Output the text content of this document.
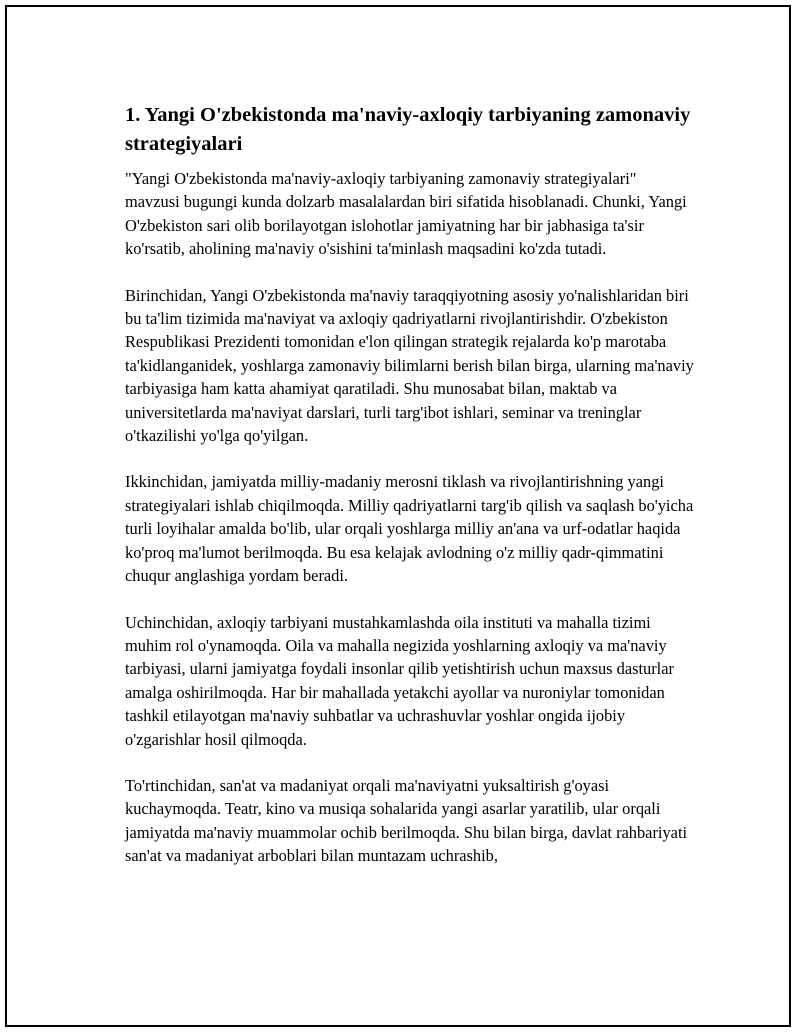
1. Yangi O'zbekistonda ma'naviy-axloqiy tarbiyaning zamonaviy strategiyalari

"Yangi O'zbekistonda ma'naviy-axloqiy tarbiyaning zamonaviy strategiyalari" mavzusi bugungi kunda dolzarb masalalardan biri sifatida hisoblanadi. Chunki, Yangi O'zbekiston sari olib borilayotgan islohotlar jamiyatning har bir jabhasiga ta'sir ko'rsatib, aholining ma'naviy o'sishini ta'minlash maqsadini ko'zda tutadi.

Birinchidan, Yangi O'zbekistonda ma'naviy taraqqiyotning asosiy yo'nalishlaridan biri bu ta'lim tizimida ma'naviyat va axloqiy qadriyatlarni rivojlantirishdir. O'zbekiston Respublikasi Prezidenti tomonidan e'lon qilingan strategik rejalarda ko'p marotaba ta'kidlanganidek, yoshlarga zamonaviy bilimlarni berish bilan birga, ularning ma'naviy tarbiyasiga ham katta ahamiyat qaratiladi. Shu munosabat bilan, maktab va universitetlarda ma'naviyat darslari, turli targ'ibot ishlari, seminar va treninglar o'tkazilishi yo'lga qo'yilgan.

Ikkinchidan, jamiyatda milliy-madaniy merosni tiklash va rivojlantirishning yangi strategiyalari ishlab chiqilmoqda. Milliy qadriyatlarni targ'ib qilish va saqlash bo'yicha turli loyihalar amalda bo'lib, ular orqali yoshlarga milliy an'ana va urf-odatlar haqida ko'proq ma'lumot berilmoqda. Bu esa kelajak avlodning o'z milliy qadr-qimmatini chuqur anglashiga yordam beradi.

Uchinchidan, axloqiy tarbiyani mustahkamlashda oila instituti va mahalla tizimi muhim rol o'ynamoqda. Oila va mahalla negizida yoshlarning axloqiy va ma'naviy tarbiyasi, ularni jamiyatga foydali insonlar qilib yetishtirish uchun maxsus dasturlar amalga oshirilmoqda. Har bir mahallada yetakchi ayollar va nuroniylar tomonidan tashkil etilayotgan ma'naviy suhbatlar va uchrashuvlar yoshlar ongida ijobiy o'zgarishlar hosil qilmoqda.

To'rtinchidan, san'at va madaniyat orqali ma'naviyatni yuksaltirish g'oyasi kuchaymoqda. Teatr, kino va musiqa sohalarida yangi asarlar yaratilib, ular orqali jamiyatda ma'naviy muammolar ochib berilmoqda. Shu bilan birga, davlat rahbariyati san'at va madaniyat arboblari bilan muntazam uchrashib,
